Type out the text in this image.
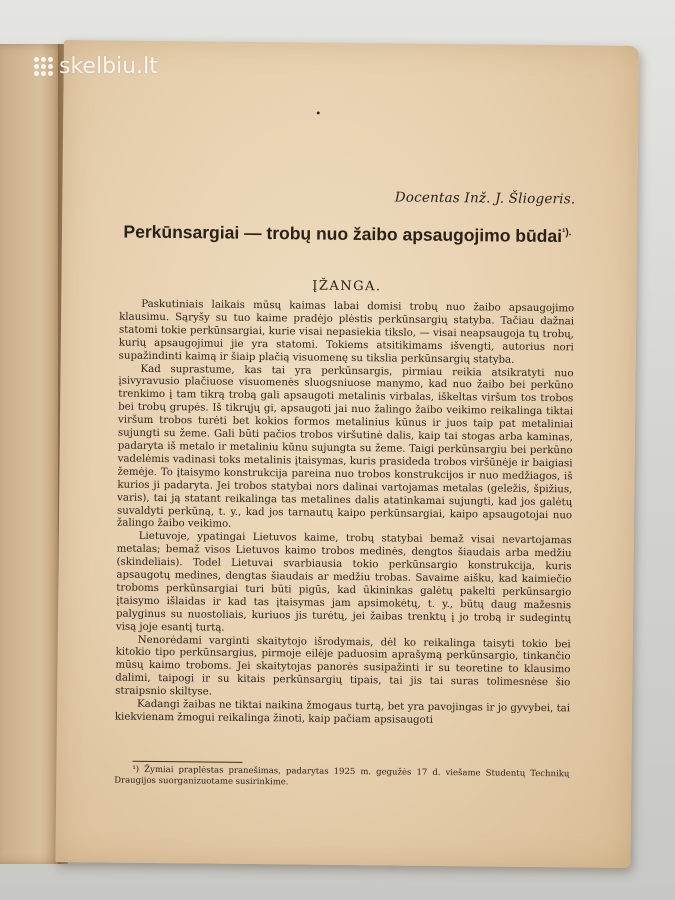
•
Docentas Inž. J. Šliogeris.
Perkūnsargiai — trobų nuo žaibo apsaugojimo būdai$^{^1).}$
ĮŽANGA.

Paskutiniais laikais mūsų kaimas labai domisi trobų nuo žaibo apsaugojimo klausimu. Sąryšy su tuo kaime pradėjo plėstis perkūnsargių statyba. Tačiau dažnai statomi tokie perkūnsargiai, kurie visai nepasiekia tikslo, — visai neapsaugoja tų trobų, kurių apsaugojimui jie yra statomi. Tokiems atsitikimams išvengti, autorius nori supažindinti kaimą ir šiaip plačią visuomenę su tikslia perkūnsargių statyba.

Kad suprastume, kas tai yra perkūnsargis, pirmiau reikia atsikratyti nuo įsivyravusio plačiuose visuomenės sluogsniuose manymo, kad nuo žaibo bei perkūno trenkimo į tam tikrą trobą gali apsaugoti metalinis virbalas, iškeltas viršum tos trobos bei trobų grupės. Iš tikrųjų gi, apsaugoti jai nuo žalingo žaibo veikimo reikalinga tiktai viršum trobos turėti bet kokios formos metalinius kūnus ir juos taip pat metaliniai sujungti su žeme. Gali būti pačios trobos viršutinė dalis, kaip tai stogas arba kaminas, padaryta iš metalo ir metaliniu kūnu sujungta su žeme. Taigi perkūnsargiu bei perkūno vadelėmis vadinasi toks metalinis įtaisymas, kuris prasideda trobos viršūnėje ir baigiasi žemėje. To įtaisymo konstrukcija pareina nuo trobos konstrukcijos ir nuo medžiagos, iš kurios ji padaryta. Jei trobos statybai nors dalinai vartojamas metalas (geležis, špižius, varis), tai ją statant reikalinga tas metalines dalis atatinkamai sujungti, kad jos galėtų suvaldyti perkūną, t. y., kad jos tarnautų kaipo perkūnsargiai, kaipo apsaugotojai nuo žalingo žaibo veikimo.

Lietuvoje, ypatingai Lietuvos kaime, trobų statybai bemaž visai nevartojamas metalas; bemaž visos Lietuvos kaimo trobos medinės, dengtos šiaudais arba medžiu (skindeliais). Todel Lietuvai svarbiausia tokio perkūnsargio konstrukcija, kuris apsaugotų medines, dengtas šiaudais ar medžiu trobas. Savaime aišku, kad kaimiečio troboms perkūnsargiai turi būti pigūs, kad ūkininkas galėtų pakelti perkūnsargio įtaisymo išlaidas ir kad tas įtaisymas jam apsimokėtų, t. y., būtų daug mažesnis palyginus su nuostoliais, kuriuos jis turėtų, jei žaibas trenktų į jo trobą ir sudegintų visą joje esantį turtą.

Nenorėdami varginti skaitytojo išrodymais, dėl ko reikalinga taisyti tokio bei kitokio tipo perkūnsargius, pirmoje eilėje paduosim aprašymą perkūnsargio, tinkančio mūsų kaimo troboms. Jei skaitytojas panorės susipažinti ir su teoretine to klausimo dalimi, taipogi ir su kitais perkūnsargių tipais, tai jis tai suras tolimesnėse šio straipsnio skiltyse.

Kadangi žaibas ne tiktai naikina žmogaus turtą, bet yra pavojingas ir jo gyvybei, tai kiekvienam žmogui reikalinga žinoti, kaip pačiam apsisaugoti

¹) Žymiai praplėstas pranešimas, padarytas 1925 m. gegužės 17 d. viešame Studentų Technikų Draugijos suorganizuotame susirinkime.
skelbiu.lt
